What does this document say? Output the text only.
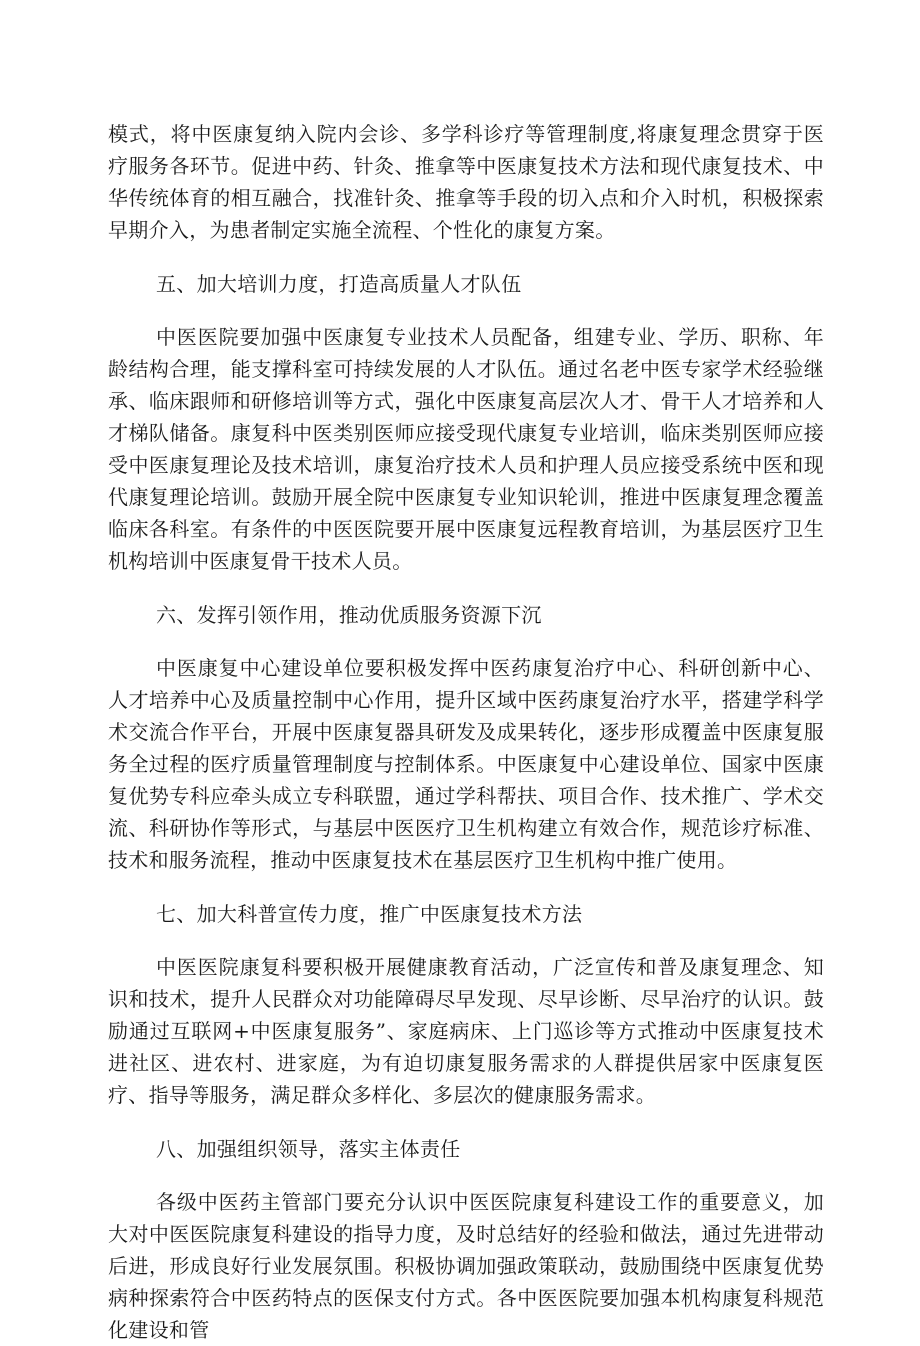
模式，将中医康复纳入院内会诊、多学科诊疗等管理制度,将康复理念贯穿于医疗服务各环节。促进中药、针灸、推拿等中医康复技术方法和现代康复技术、中华传统体育的相互融合，找准针灸、推拿等手段的切入点和介入时机，积极探索早期介入，为患者制定实施全流程、个性化的康复方案。

五、加大培训力度，打造高质量人才队伍

中医医院要加强中医康复专业技术人员配备，组建专业、学历、职称、年龄结构合理，能支撑科室可持续发展的人才队伍。通过名老中医专家学术经验继承、临床跟师和研修培训等方式，强化中医康复高层次人才、骨干人才培养和人才梯队储备。康复科中医类别医师应接受现代康复专业培训，临床类别医师应接受中医康复理论及技术培训，康复治疗技术人员和护理人员应接受系统中医和现代康复理论培训。鼓励开展全院中医康复专业知识轮训，推进中医康复理念覆盖临床各科室。有条件的中医医院要开展中医康复远程教育培训，为基层医疗卫生机构培训中医康复骨干技术人员。

六、发挥引领作用，推动优质服务资源下沉

中医康复中心建设单位要积极发挥中医药康复治疗中心、科研创新中心、人才培养中心及质量控制中心作用，提升区域中医药康复治疗水平，搭建学科学术交流合作平台，开展中医康复器具研发及成果转化，逐步形成覆盖中医康复服务全过程的医疗质量管理制度与控制体系。中医康复中心建设单位、国家中医康复优势专科应牵头成立专科联盟，通过学科帮扶、项目合作、技术推广、学术交流、科研协作等形式，与基层中医医疗卫生机构建立有效合作，规范诊疗标准、技术和服务流程，推动中医康复技术在基层医疗卫生机构中推广使用。

七、加大科普宣传力度，推广中医康复技术方法

中医医院康复科要积极开展健康教育活动，广泛宣传和普及康复理念、知识和技术，提升人民群众对功能障碍尽早发现、尽早诊断、尽早治疗的认识。鼓励通过互联网+中医康复服务”、家庭病床、上门巡诊等方式推动中医康复技术进社区、进农村、进家庭，为有迫切康复服务需求的人群提供居家中医康复医疗、指导等服务，满足群众多样化、多层次的健康服务需求。

八、加强组织领导，落实主体责任

各级中医药主管部门要充分认识中医医院康复科建设工作的重要意义，加大对中医医院康复科建设的指导力度，及时总结好的经验和做法，通过先进带动后进，形成良好行业发展氛围。积极协调加强政策联动，鼓励围绕中医康复优势病种探索符合中医药特点的医保支付方式。各中医医院要加强本机构康复科规范化建设和管
